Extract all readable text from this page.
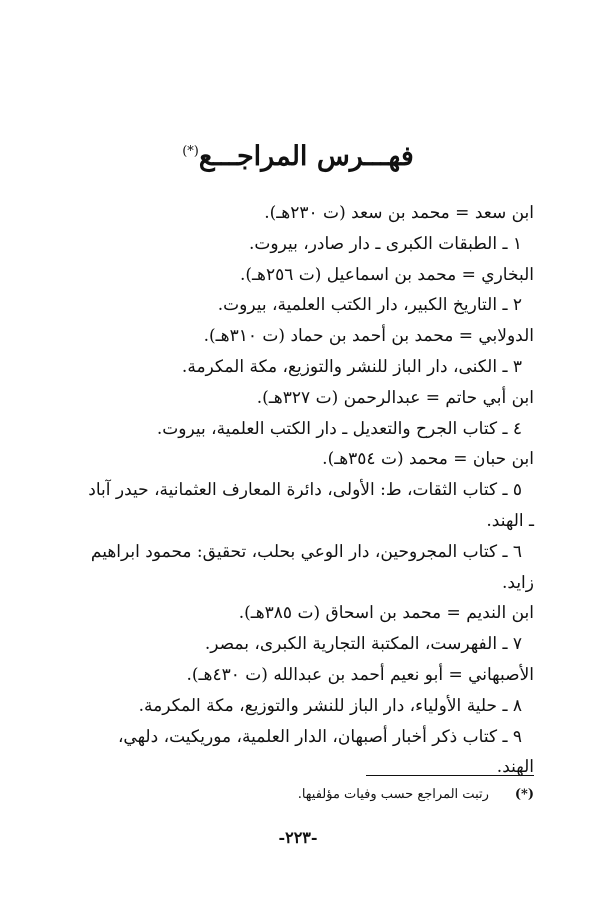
فهـــرس المراجـــع(*)
ابن سعد = محمد بن سعد (ت ٢٣٠هـ).
١ ـ الطبقات الكبرى ـ دار صادر، بيروت.
البخاري = محمد بن اسماعيل (ت ٢٥٦هـ).
٢ ـ التاريخ الكبير، دار الكتب العلمية، بيروت.
الدولابي = محمد بن أحمد بن حماد (ت ٣١٠هـ).
٣ ـ الكنى، دار الباز للنشر والتوزيع، مكة المكرمة.
ابن أبي حاتم = عبدالرحمن (ت ٣٢٧هـ).
٤ ـ كتاب الجرح والتعديل ـ دار الكتب العلمية، بيروت.
ابن حبان = محمد (ت ٣٥٤هـ).
٥ ـ كتاب الثقات، ط: الأولى، دائرة المعارف العثمانية، حيدر آباد
ـ الهند.
٦ ـ كتاب المجروحين، دار الوعي بحلب، تحقيق: محمود ابراهيم
زايد.
ابن النديم = محمد بن اسحاق (ت ٣٨٥هـ).
٧ ـ الفهرست، المكتبة التجارية الكبرى، بمصر.
الأصبهاني = أبو نعيم أحمد بن عبدالله (ت ٤٣٠هـ).
٨ ـ حلية الأولياء، دار الباز للنشر والتوزيع، مكة المكرمة.
٩ ـ كتاب ذكر أخبار أصبهان، الدار العلمية، موريكيت، دلهي،
الهند.
(*)رتبت المراجع حسب وفيات مؤلفيها.
-٢٢٣-
